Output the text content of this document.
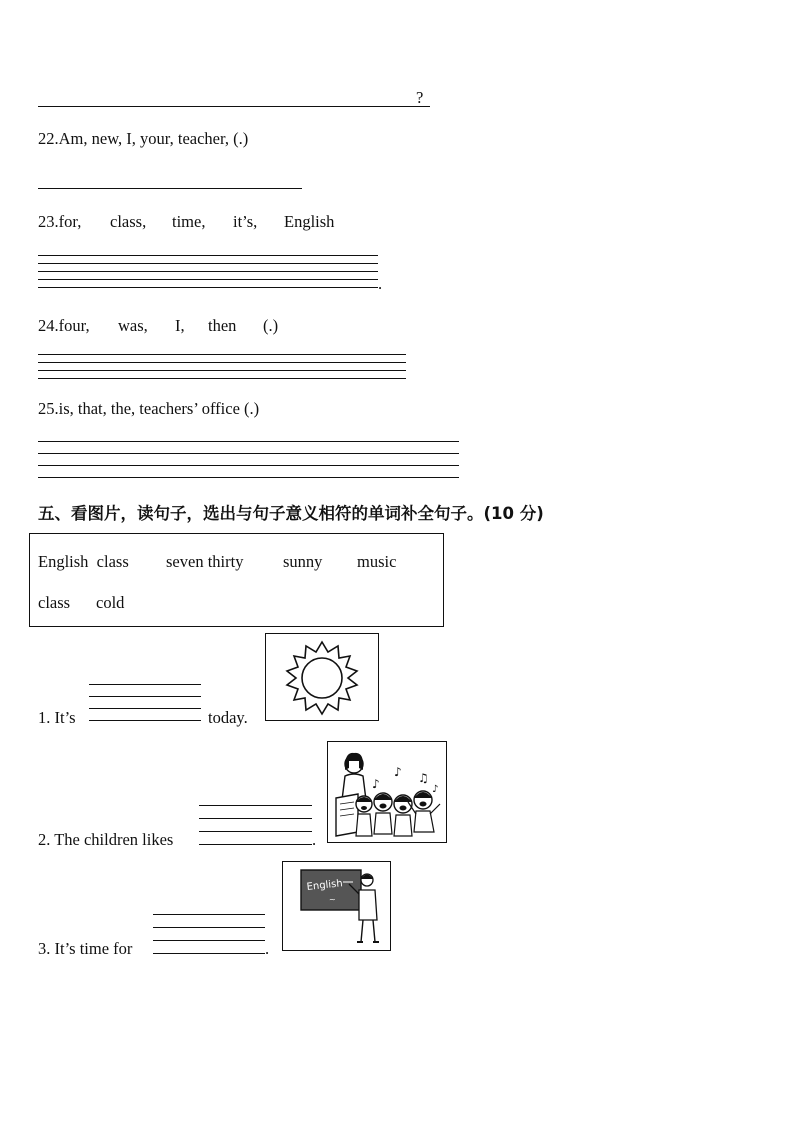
?
22.Am, new, I, your, teacher, (.)
23.for, class, time, it’s, English
.
24.four, was, I, then (.)
25.is, that, the, teachers’ office (.)
五、看图片，读句子，选出与句子意义相符的单词补全句子。(10 分)
English  class seven thirty sunny music
class cold
1. It’s	today.
2. The children likes	.
♪
♪ ♫
♪
3. It’s time for	.
English
~
